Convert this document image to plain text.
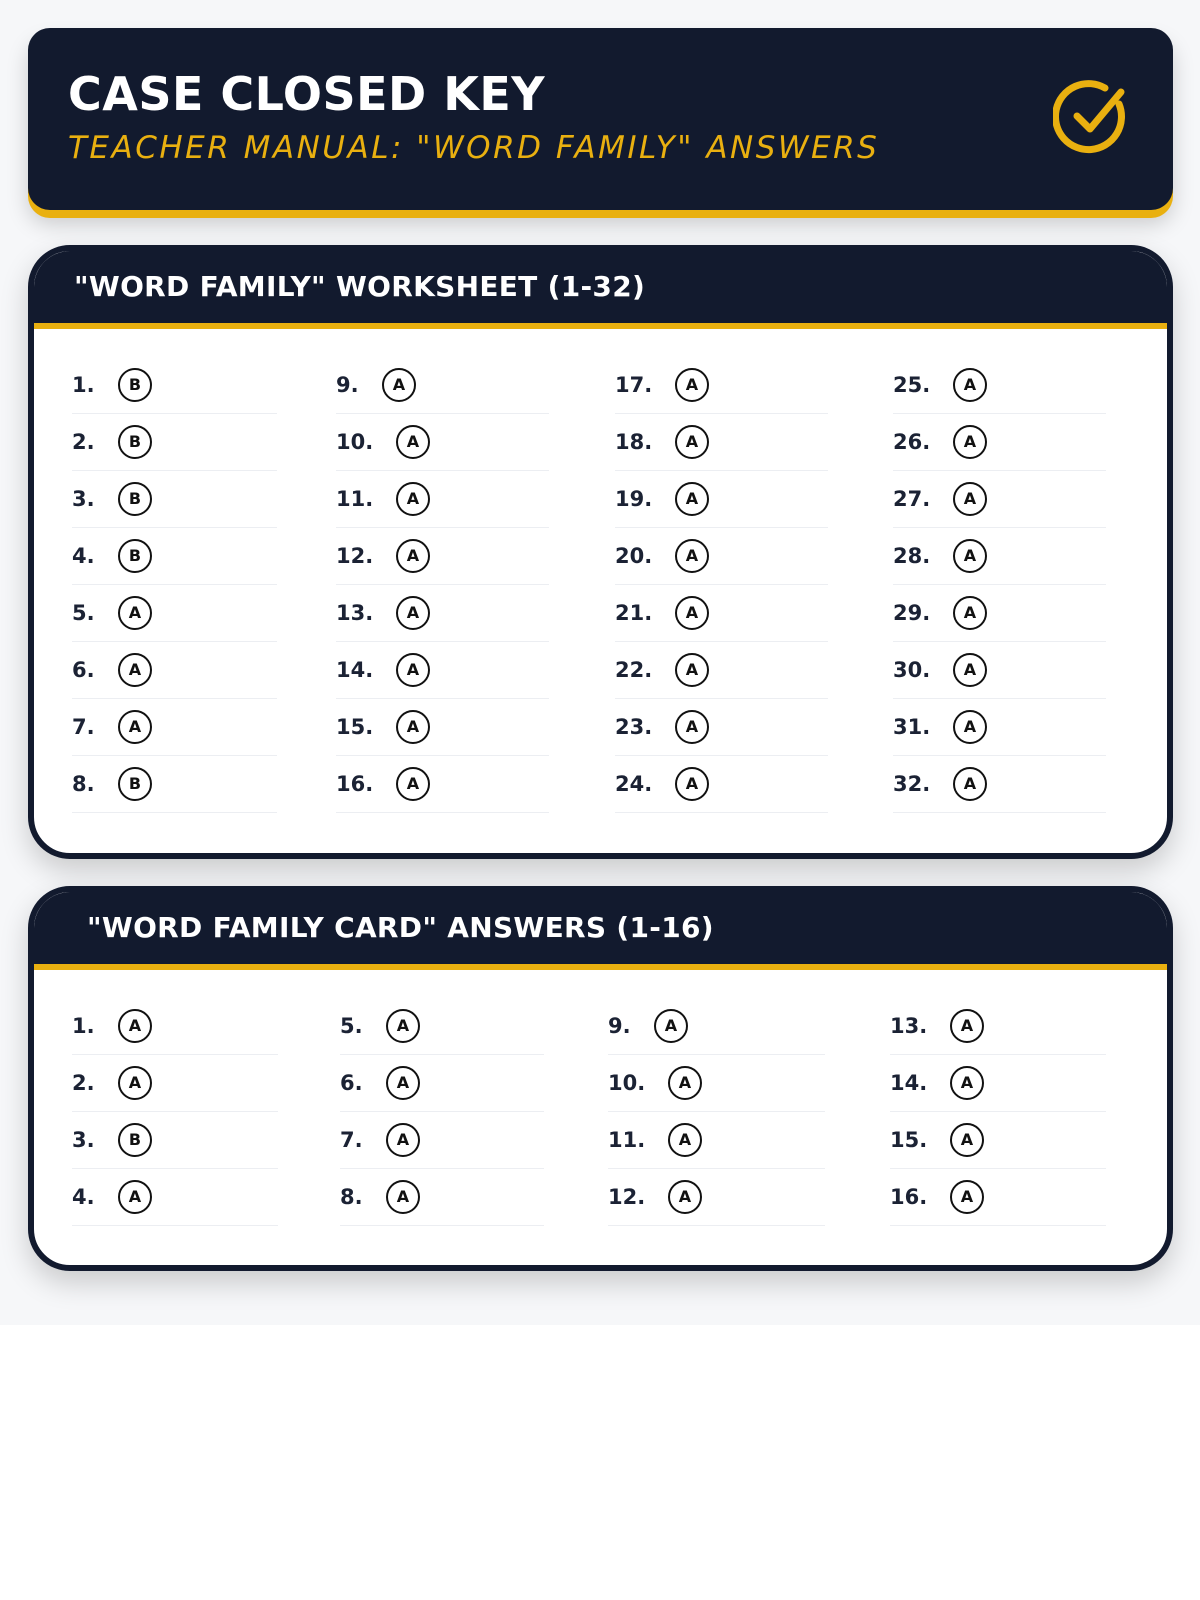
CASE CLOSED KEY
TEACHER MANUAL: "WORD FAMILY" ANSWERS
"WORD FAMILY" WORKSHEET (1-32)
1.	B
2.	B
3.	B
4.	B
5.	A
6.	A
7.	A
8.	B
9.	A
10.	A
11.	A
12.	A
13.	A
14.	A
15.	A
16.	A
17.	A
18.	A
19.	A
20.	A
21.	A
22.	A
23.	A
24.	A
25.	A
26.	A
27.	A
28.	A
29.	A
30.	A
31.	A
32.	A
"WORD FAMILY CARD" ANSWERS (1-16)
1.	A
2.	A
3.	B
4.	A
5.	A
6.	A
7.	A
8.	A
9.	A
10.	A
11.	A
12.	A
13.	A
14.	A
15.	A
16.	A
